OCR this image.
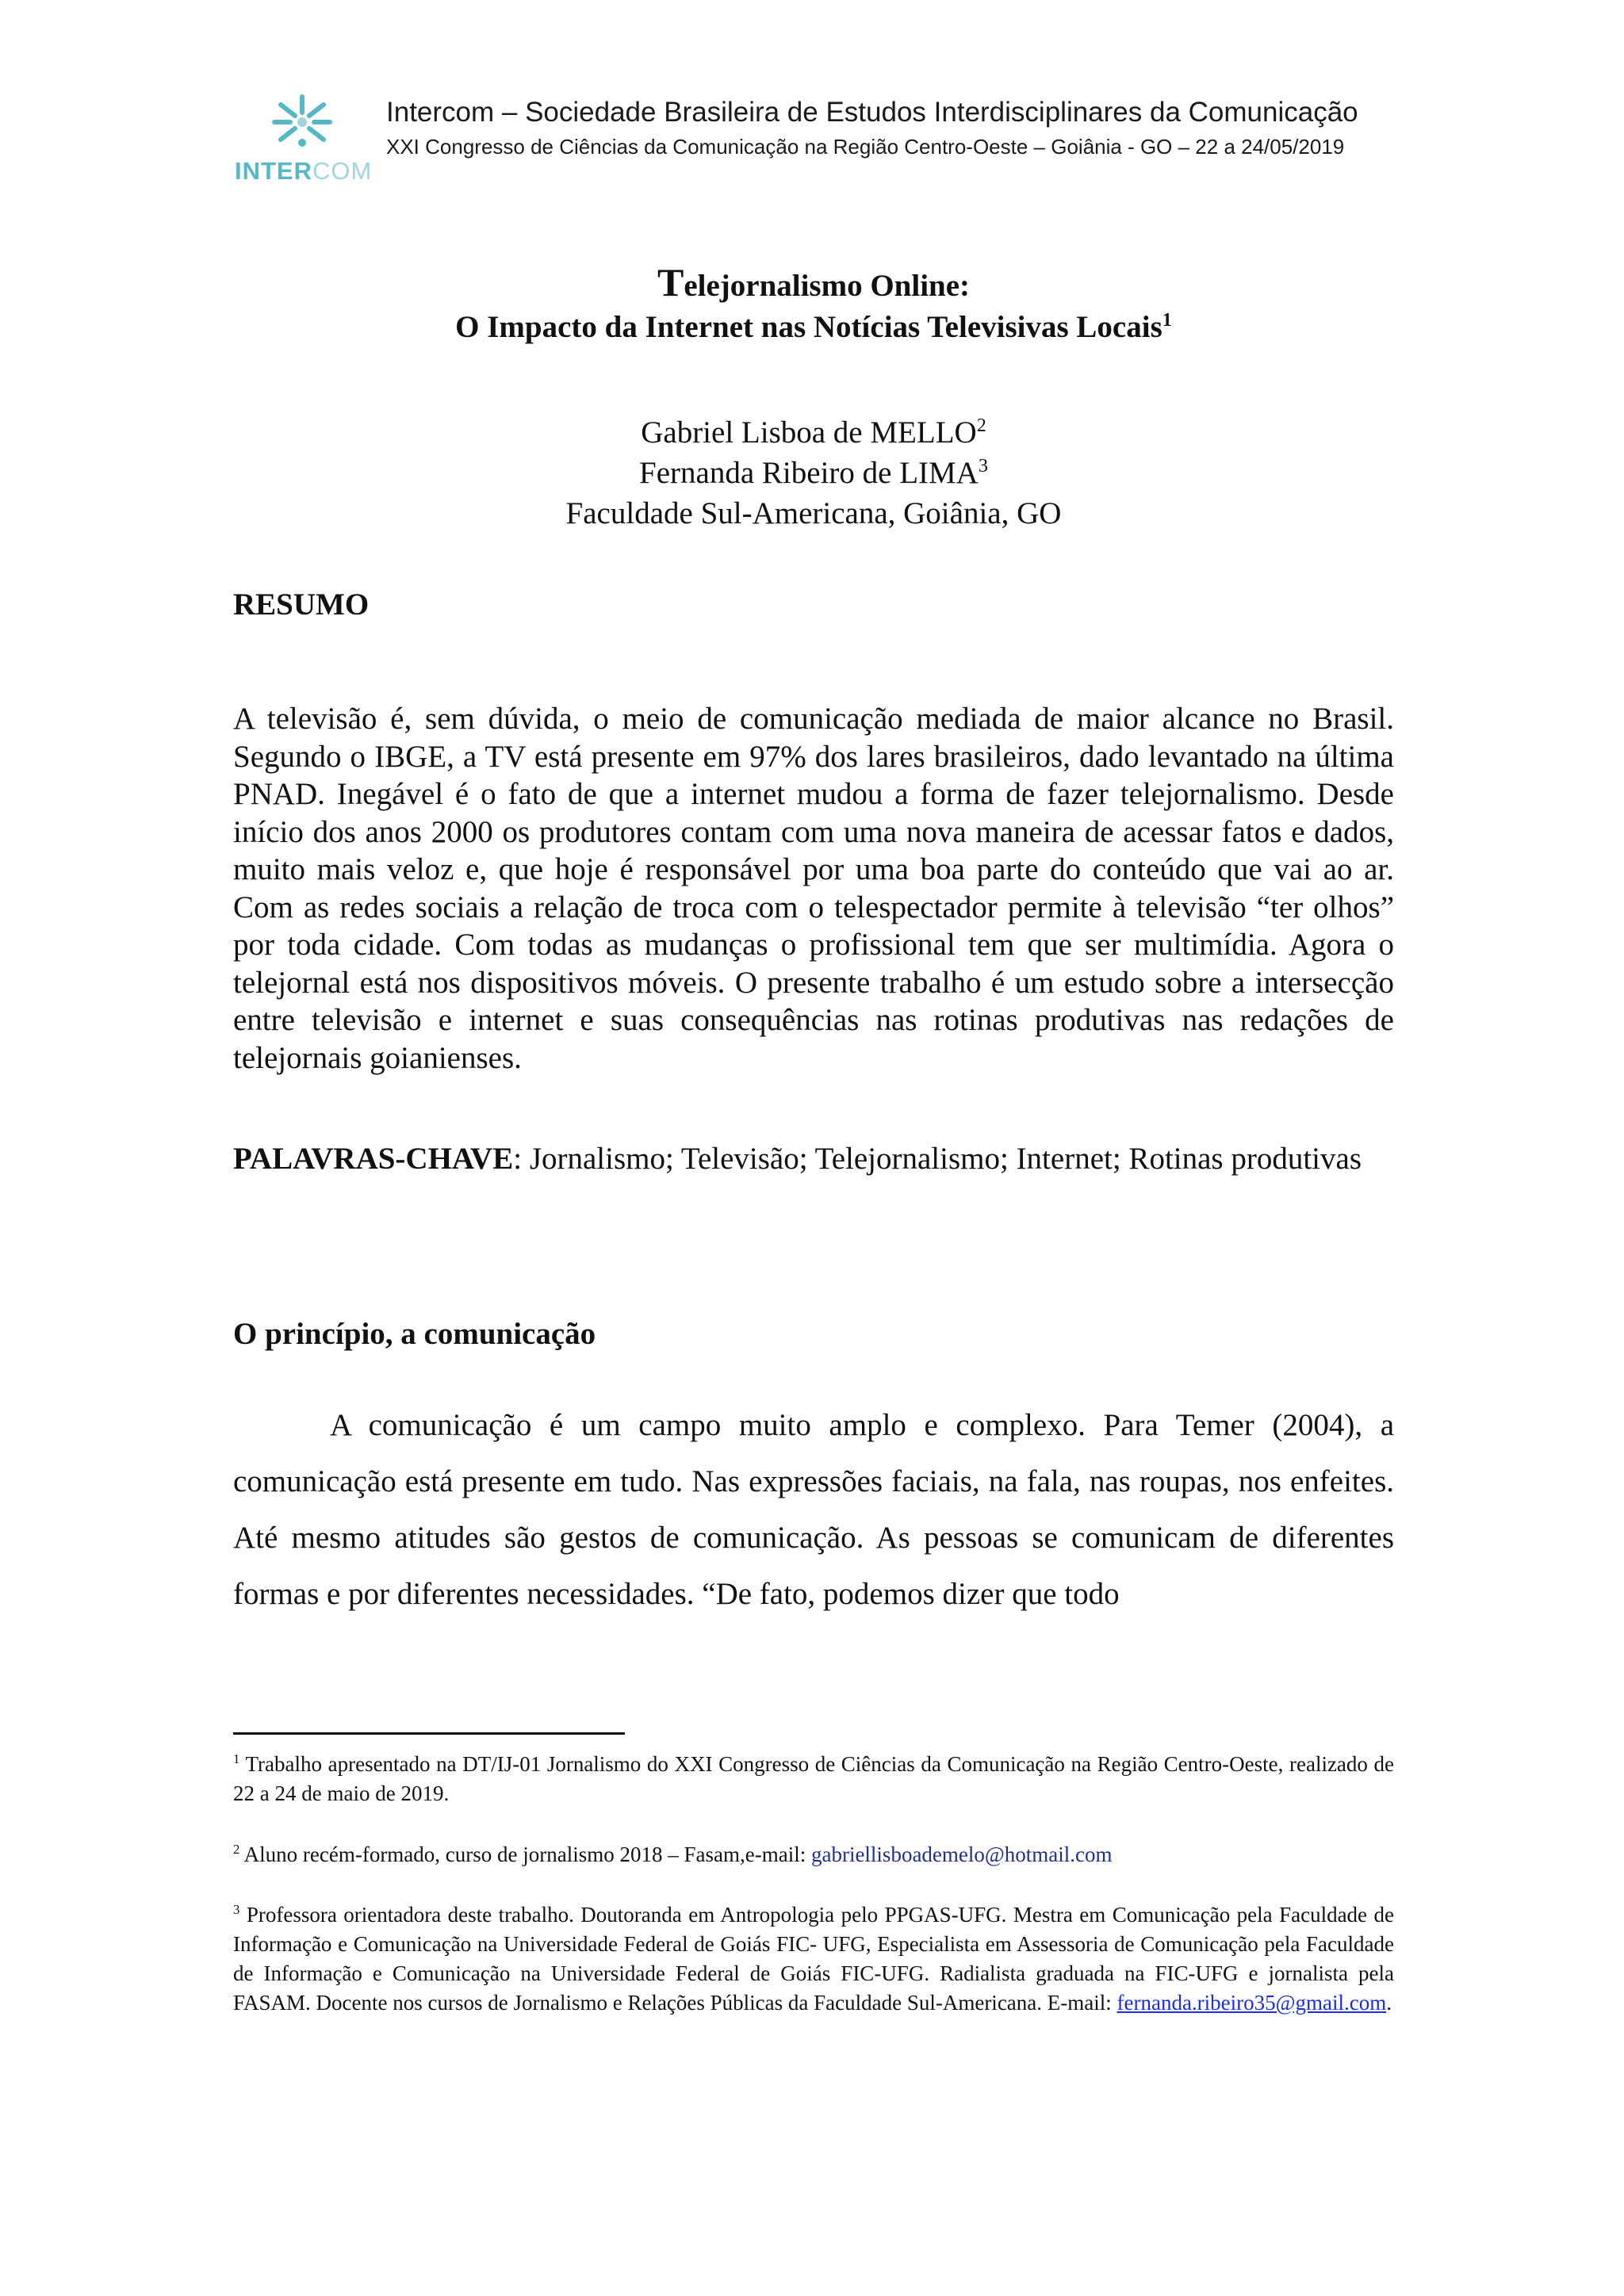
INTERCOM
Intercom – Sociedade Brasileira de Estudos Interdisciplinares da Comunicação
XXI Congresso de Ciências da Comunicação na Região Centro-Oeste – Goiânia - GO – 22 a 24/05/2019
Telejornalismo Online:
O Impacto da Internet nas Notícias Televisivas Locais$^1$
Gabriel Lisboa de MELLO$^2$
Fernanda Ribeiro de LIMA$^3$
Faculdade Sul-Americana, Goiânia, GO
RESUMO

A televisão é, sem dúvida, o meio de comunicação mediada de maior alcance no Brasil. Segundo o IBGE, a TV está presente em 97% dos lares brasileiros, dado levantado na última PNAD. Inegável é o fato de que a internet mudou a forma de fazer telejornalismo. Desde início dos anos 2000 os produtores contam com uma nova maneira de acessar fatos e dados, muito mais veloz e, que hoje é responsável por uma boa parte do conteúdo que vai ao ar. Com as redes sociais a relação de troca com o telespectador permite à televisão “ter olhos” por toda cidade. Com todas as mudanças o profissional tem que ser multimídia. Agora o telejornal está nos dispositivos móveis. O presente trabalho é um estudo sobre a intersecção entre televisão e internet e suas consequências nas rotinas produtivas nas redações de telejornais goianienses.

PALAVRAS-CHAVE: Jornalismo; Televisão; Telejornalismo; Internet; Rotinas produtivas

O princípio, a comunicação

A comunicação é um campo muito amplo e complexo. Para Temer (2004), a comunicação está presente em tudo. Nas expressões faciais, na fala, nas roupas, nos enfeites. Até mesmo atitudes são gestos de comunicação. As pessoas se comunicam de diferentes formas e por diferentes necessidades. “De fato, podemos dizer que todo

$^1$ Trabalho apresentado na DT/IJ-01 Jornalismo do XXI Congresso de Ciências da Comunicação na Região Centro-Oeste, realizado de 22 a 24 de maio de 2019.

$^2$ Aluno recém-formado, curso de jornalismo 2018 – Fasam,e-mail: gabriellisboademelo@hotmail.com

$^3$ Professora orientadora deste trabalho. Doutoranda em Antropologia pelo PPGAS-UFG. Mestra em Comunicação pela Faculdade de Informação e Comunicação na Universidade Federal de Goiás FIC- UFG, Especialista em Assessoria de Comunicação pela Faculdade de Informação e Comunicação na Universidade Federal de Goiás FIC-UFG. Radialista graduada na FIC-UFG e jornalista pela FASAM. Docente nos cursos de Jornalismo e Relações Públicas da Faculdade Sul-Americana. E-mail: fernanda.ribeiro35@gmail.com.
